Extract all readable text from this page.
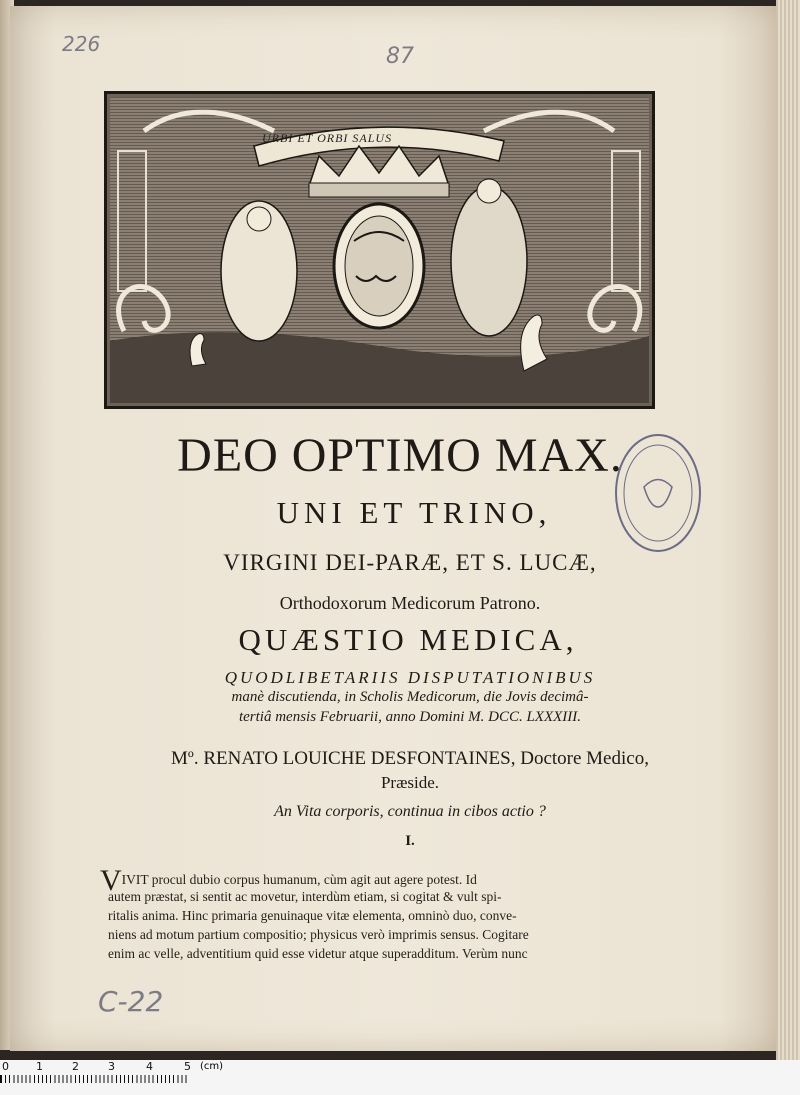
226	87
C-22
URBI ET ORBI SALUS
DEO OPTIMO MAX.
UNI ET TRINO,
VIRGINI DEI-PARÆ, ET S. LUCÆ,
Orthodoxorum Medicorum Patrono.
QUÆSTIO MEDICA,
QUODLIBETARIIS DISPUTATIONIBUS
manè discutienda, in Scholis Medicorum, die Jovis decimâ-
tertiâ mensis Februarii, anno Domini M. DCC. LXXXIII.
Mº. RENATO LOUICHE DESFONTAINES, Doctore Medico,
Præside.
An Vita corporis, continua in cibos actio ?
I.
VIVIT procul dubio corpus humanum, cùm agit aut agere potest. Id
autem præstat, si sentit ac movetur, interdùm etiam, si cogitat & vult spi-
ritalis anima. Hinc primaria genuinaque vitæ elementa, omninò duo, conve-
niens ad motum partium compositio; physicus verò imprimis sensus. Cogitare
enim ac velle, adventitium quid esse videtur atque superadditum. Verùm nunc
0 1	2	3	4	5 (cm)
